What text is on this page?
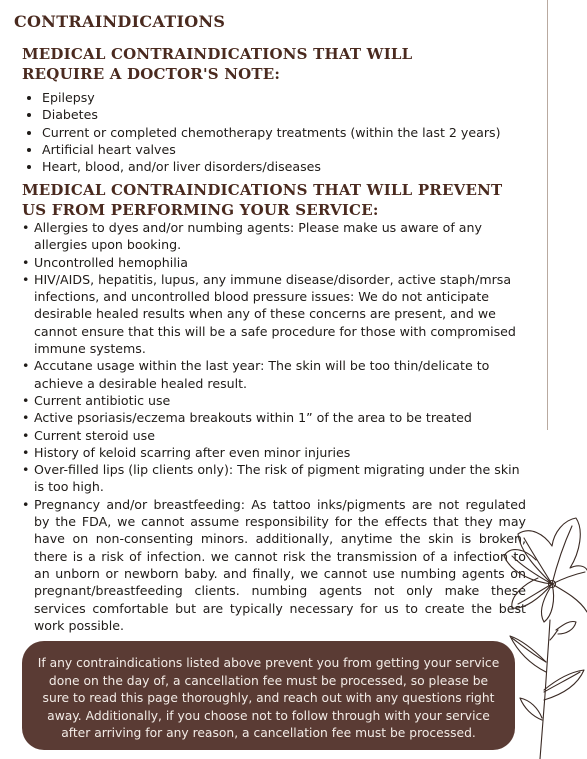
CONTRAINDICATIONS
MEDICAL CONTRAINDICATIONS THAT WILL
REQUIRE A DOCTOR'S NOTE:
• Epilepsy
• Diabetes
• Current or completed chemotherapy treatments (within the last 2 years)
• Artificial heart valves
• Heart, blood, and/or liver disorders/diseases
MEDICAL CONTRAINDICATIONS THAT WILL PREVENT
US FROM PERFORMING YOUR SERVICE:
• Allergies to dyes and/or numbing agents: Please make us aware of any allergies upon booking.
• Uncontrolled hemophilia
• HIV/AIDS, hepatitis, lupus, any immune disease/disorder, active staph/mrsa infections, and uncontrolled blood pressure issues: We do not anticipate desirable healed results when any of these concerns are present, and we cannot ensure that this will be a safe procedure for those with compromised immune systems.
• Accutane usage within the last year: The skin will be too thin/delicate to achieve a desirable healed result.
• Current antibiotic use
• Active psoriasis/eczema breakouts within 1” of the area to be treated
• Current steroid use
• History of keloid scarring after even minor injuries
• Over-filled lips (lip clients only): The risk of pigment migrating under the skin is too high.
• Pregnancy and/or breastfeeding: As tattoo inks/pigments are not regulated by the FDA, we cannot assume responsibility for the effects that they may have on non-consenting minors. additionally, anytime the skin is broken, there is a risk of infection. we cannot risk the transmission of a infection to an unborn or newborn baby. and finally, we cannot use numbing agents on pregnant/breastfeeding clients. numbing agents not only make these services comfortable but are typically necessary for us to create the best work possible.
If any contraindications listed above prevent you from getting your service done on the day of, a cancellation fee must be processed, so please be sure to read this page thoroughly, and reach out with any questions right away. Additionally, if you choose not to follow through with your service after arriving for any reason, a cancellation fee must be processed.
